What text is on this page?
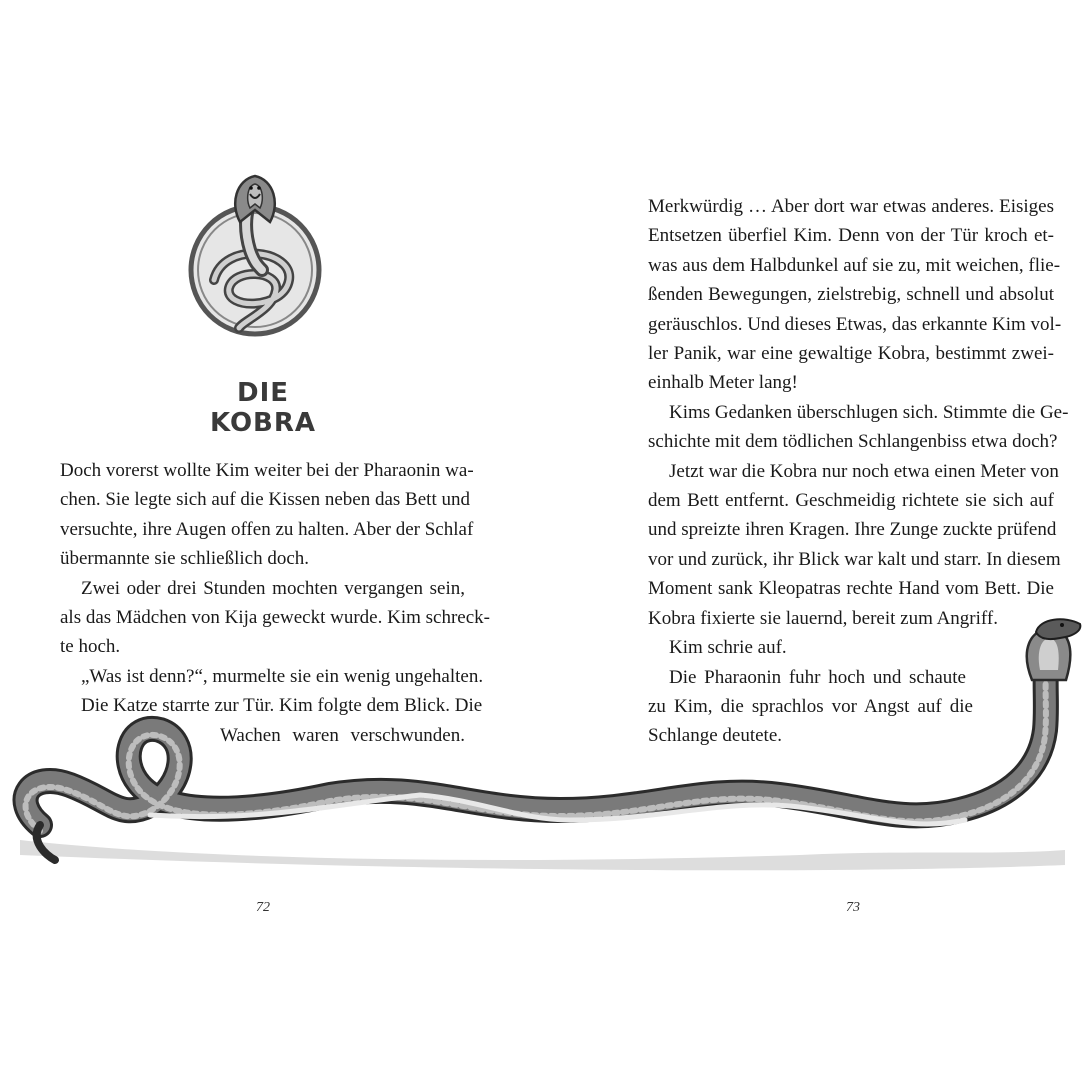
DIE KOBRA
Doch vorerst wollte Kim weiter bei der Pharaonin wa-
chen. Sie legte sich auf die Kissen neben das Bett und
versuchte, ihre Augen offen zu halten. Aber der Schlaf
übermannte sie schließlich doch.
Zwei oder drei Stunden mochten vergangen sein,
als das Mädchen von Kija geweckt wurde. Kim schreck-
te hoch.
„Was ist denn?“, murmelte sie ein wenig ungehalten.
Die Katze starrte zur Tür. Kim folgte dem Blick. Die
Wachen waren verschwunden.
72
Merkwürdig … Aber dort war etwas anderes. Eisiges
Entsetzen überfiel Kim. Denn von der Tür kroch et-
was aus dem Halbdunkel auf sie zu, mit weichen, flie-
ßenden Bewegungen, zielstrebig, schnell und absolut
geräuschlos. Und dieses Etwas, das erkannte Kim vol-
ler Panik, war eine gewaltige Kobra, bestimmt zwei-
einhalb Meter lang!
Kims Gedanken überschlugen sich. Stimmte die Ge-
schichte mit dem tödlichen Schlangenbiss etwa doch?
Jetzt war die Kobra nur noch etwa einen Meter von
dem Bett entfernt. Geschmeidig richtete sie sich auf
und spreizte ihren Kragen. Ihre Zunge zuckte prüfend
vor und zurück, ihr Blick war kalt und starr. In diesem
Moment sank Kleopatras rechte Hand vom Bett. Die
Kobra fixierte sie lauernd, bereit zum Angriff.
Kim schrie auf.
Die Pharaonin fuhr hoch und schaute
zu Kim, die sprachlos vor Angst auf die
Schlange deutete.
73
